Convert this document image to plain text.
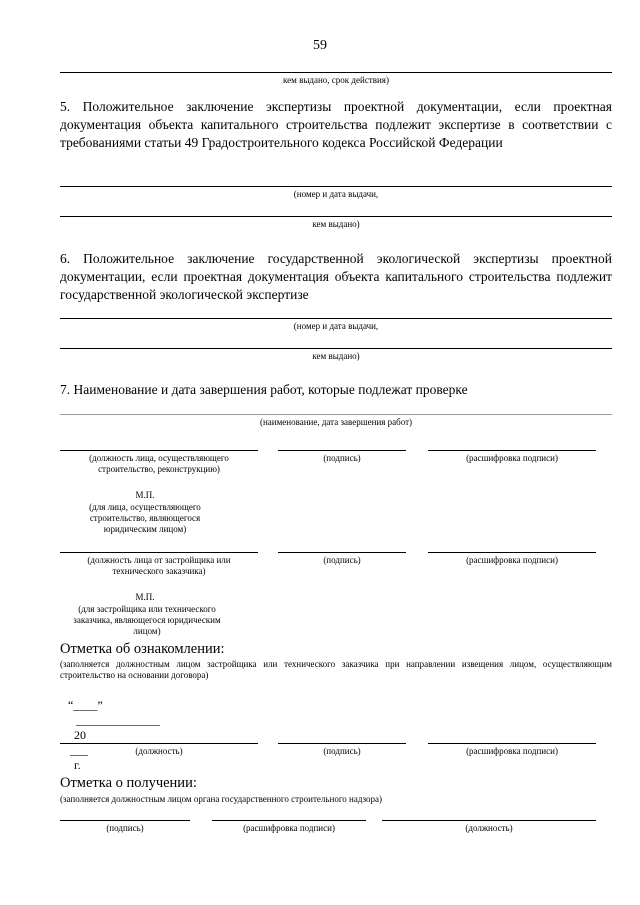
59
кем выдано, срок действия)
5. Положительное заключение экспертизы проектной документации, если проектная документация объекта капитального строительства подлежит экспертизе в соответствии с требованиями статьи 49 Градостроительного кодекса Российской Федерации
(номер и дата выдачи,
кем выдано)
6. Положительное заключение государственной экологической экспертизы проектной документации, если проектная документация объекта капитального строительства подлежит государственной экологической экспертизе
(номер и дата выдачи,
кем выдано)
7. Наименование и дата завершения работ, которые подлежат проверке
(наименование, дата завершения работ)
(должность лица, осуществляющего строительство, реконструкцию)
(подпись)	(расшифровка подписи)
М.П.
(для лица, осуществляющего строительство, являющегося юридическим лицом)
(должность лица от застройщика или технического заказчика)
(подпись)	(расшифровка подписи)
М.П.
(для застройщика или технического заказчика, являющегося юридическим лицом)
Отметка об ознакомлении:
(заполняется должностным лицом застройщика или технического заказчика при направлении извещения лицом, осуществляющим строительство на основании договора)

“____”
______________
20
___
г.

(должность)	(подпись)	(расшифровка подписи)
Отметка о получении:
(заполняется должностным лицом органа государственного строительного надзора)
(подпись)	(расшифровка подписи)	(должность)
